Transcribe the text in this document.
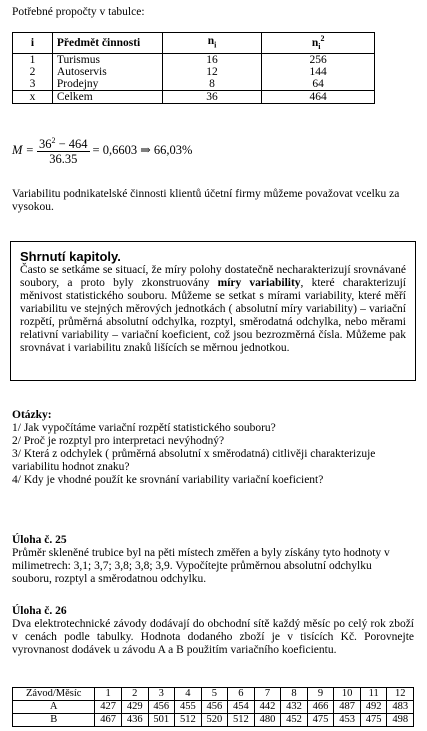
Potřebné propočty v tabulce:

i	Předmět činnosti	$n_i$	$n_i^2$
1	Turismus	16	256
2	Autoservis	12	144
3	Prodejny	8	64
x	Celkem	36	464
$M = \frac{36^2 - 464}{36.35} = 0,6603$ ⇒ 66,03%

Variabilitu podnikatelské činnosti klientů účetní firmy můžeme považovat vcelku za vysokou.

Shrnutí kapitoly.

Často se setkáme se situací, že míry polohy dostatečně necharakterizují srovnávané soubory, a proto byly zkonstruovány míry variability, které charakterizují měnivost statistického souboru. Můžeme se setkat s mírami variability, které měří variabilitu ve stejných měrových jednotkách ( absolutní míry variability) – variační rozpětí, průměrná absolutní odchylka, rozptyl, směrodatná odchylka, nebo měrami relativní variability – variační koeficient, což jsou bezrozměrná čísla. Můžeme pak srovnávat i variabilitu znaků lišících se měrnou jednotkou.

Otázky:

1/ Jak vypočítáme variační rozpětí statistického souboru?

2/ Proč je rozptyl pro interpretaci nevýhodný?

3/ Která z odchylek ( průměrná absolutní x směrodatná) citlivěji charakterizuje variabilitu hodnot znaku?

4/ Kdy je vhodné použít ke srovnání variability variační koeficient?

Úloha č. 25

Průměr skleněné trubice byl na pěti místech změřen a byly získány tyto hodnoty v milimetrech: 3,1; 3,7; 3,8; 3,8; 3,9. Vypočítejte průměrnou absolutní odchylku souboru, rozptyl a směrodatnou odchylku.

Úloha č. 26

Dva elektrotechnické závody dodávají do obchodní sítě každý měsíc po celý rok zboží v cenách podle tabulky. Hodnota dodaného zboží je v tisících Kč. Porovnejte vyrovnanost dodávek u závodu A a B použitím variačního koeficientu.

Závod/Měsíc	1	2	3	4	5	6	7	8	9	10	11	12
A	427	429	456	455	456	454	442	432	466	487	492	483
B	467	436	501	512	520	512	480	452	475	453	475	498
